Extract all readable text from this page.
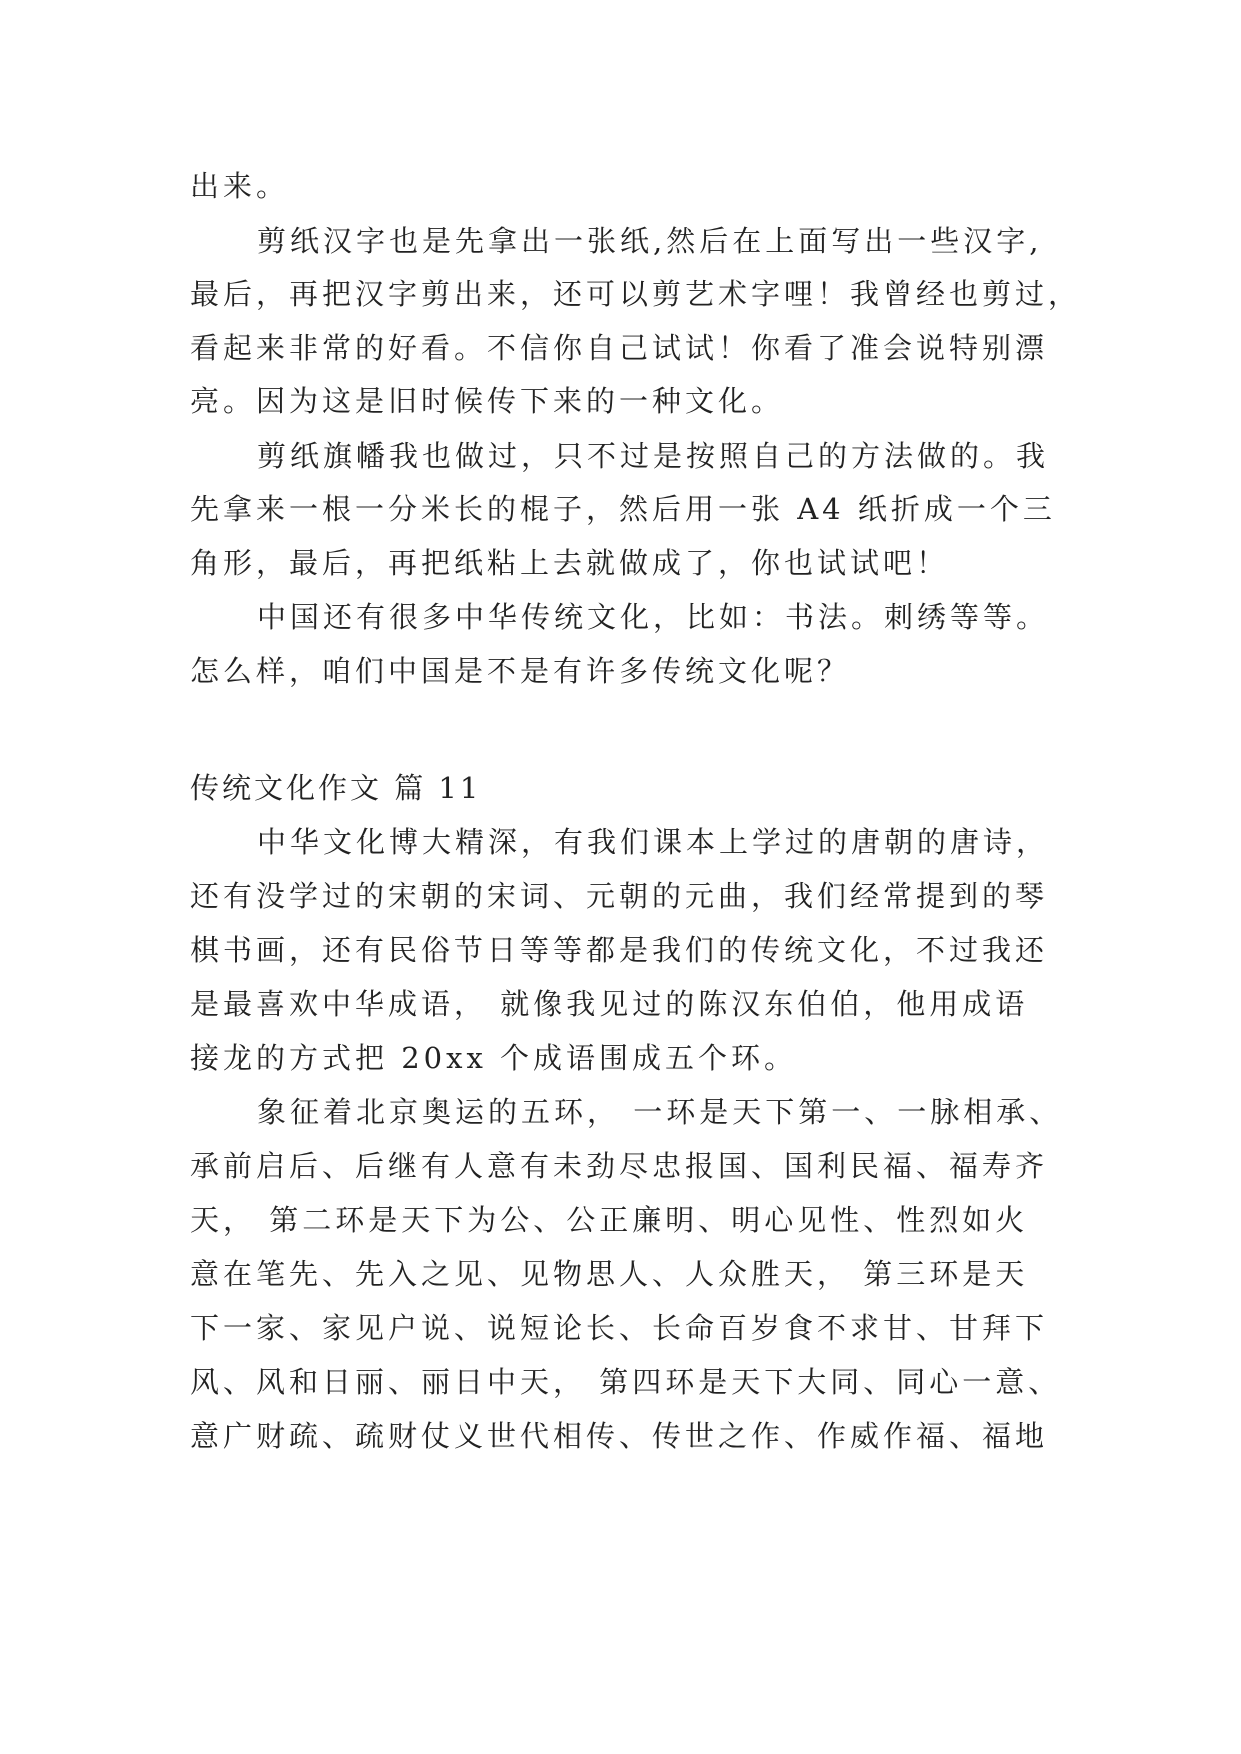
出来。
剪纸汉字也是先拿出一张纸,然后在上面写出一些汉字,
最后，再把汉字剪出来，还可以剪艺术字哩！我曾经也剪过，
看起来非常的好看。不信你自己试试！你看了准会说特别漂
亮。因为这是旧时候传下来的一种文化。
剪纸旗幡我也做过，只不过是按照自己的方法做的。我
先拿来一根一分米长的棍子，然后用一张 A4 纸折成一个三
角形，最后，再把纸粘上去就做成了，你也试试吧！
中国还有很多中华传统文化，比如：书法。刺绣等等。
怎么样，咱们中国是不是有许多传统文化呢？
传统文化作文 篇 11
中华文化博大精深，有我们课本上学过的唐朝的唐诗，
还有没学过的宋朝的宋词、元朝的元曲，我们经常提到的琴
棋书画，还有民俗节日等等都是我们的传统文化，不过我还
是最喜欢中华成语， 就像我见过的陈汉东伯伯，他用成语
接龙的方式把 20xx 个成语围成五个环。
象征着北京奥运的五环， 一环是天下第一、一脉相承、
承前启后、后继有人意有未劲尽忠报国、国利民福、福寿齐
天， 第二环是天下为公、公正廉明、明心见性、性烈如火
意在笔先、先入之见、见物思人、人众胜天， 第三环是天
下一家、家见户说、说短论长、长命百岁食不求甘、甘拜下
风、风和日丽、丽日中天， 第四环是天下大同、同心一意、
意广财疏、疏财仗义世代相传、传世之作、作威作福、福地
